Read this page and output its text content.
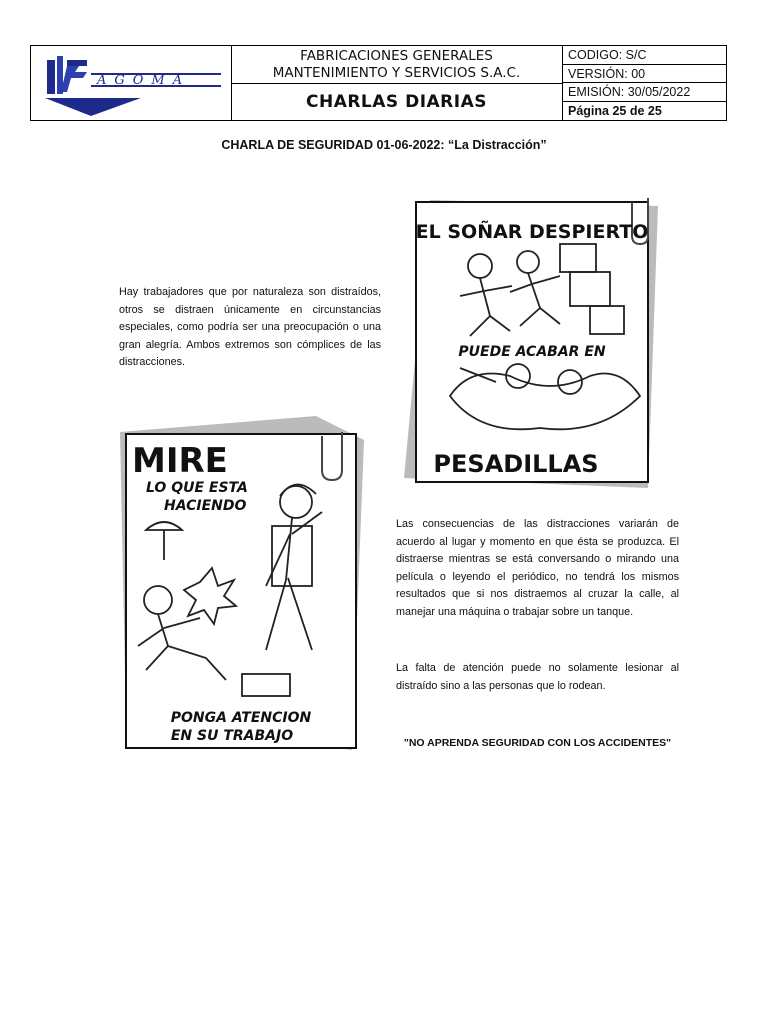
AGOMA
FABRICACIONES GENERALES
MANTENIMIENTO Y SERVICIOS S.A.C.
CHARLAS DIARIAS
CODIGO: S/C
VERSIÓN: 00
EMISIÓN: 30/05/2022
Página 25 de 25
CHARLA DE SEGURIDAD 01-06-2022: “La Distracción”

Hay trabajadores que por naturaleza son distraídos, otros se distraen únicamente en circunstancias especiales, como podría ser una preocupación o una gran alegría. Ambos extremos son cómplices de las distracciones.

EL SOÑAR DESPIERTO
PUEDE ACABAR EN
PESADILLAS
MIRE
LO QUE ESTA
HACIENDO
PONGA ATENCION
EN SU TRABAJO

Las consecuencias de las distracciones variarán de acuerdo al lugar y momento en que ésta se produzca. El distraerse mientras se está conversando o mirando una película o leyendo el periódico, no tendrá los mismos resultados que si nos distraemos al cruzar la calle, al manejar una máquina o trabajar sobre un tanque.

La falta de atención puede no solamente lesionar al distraído sino a las personas que lo rodean.

"NO APRENDA SEGURIDAD CON LOS ACCIDENTES"
